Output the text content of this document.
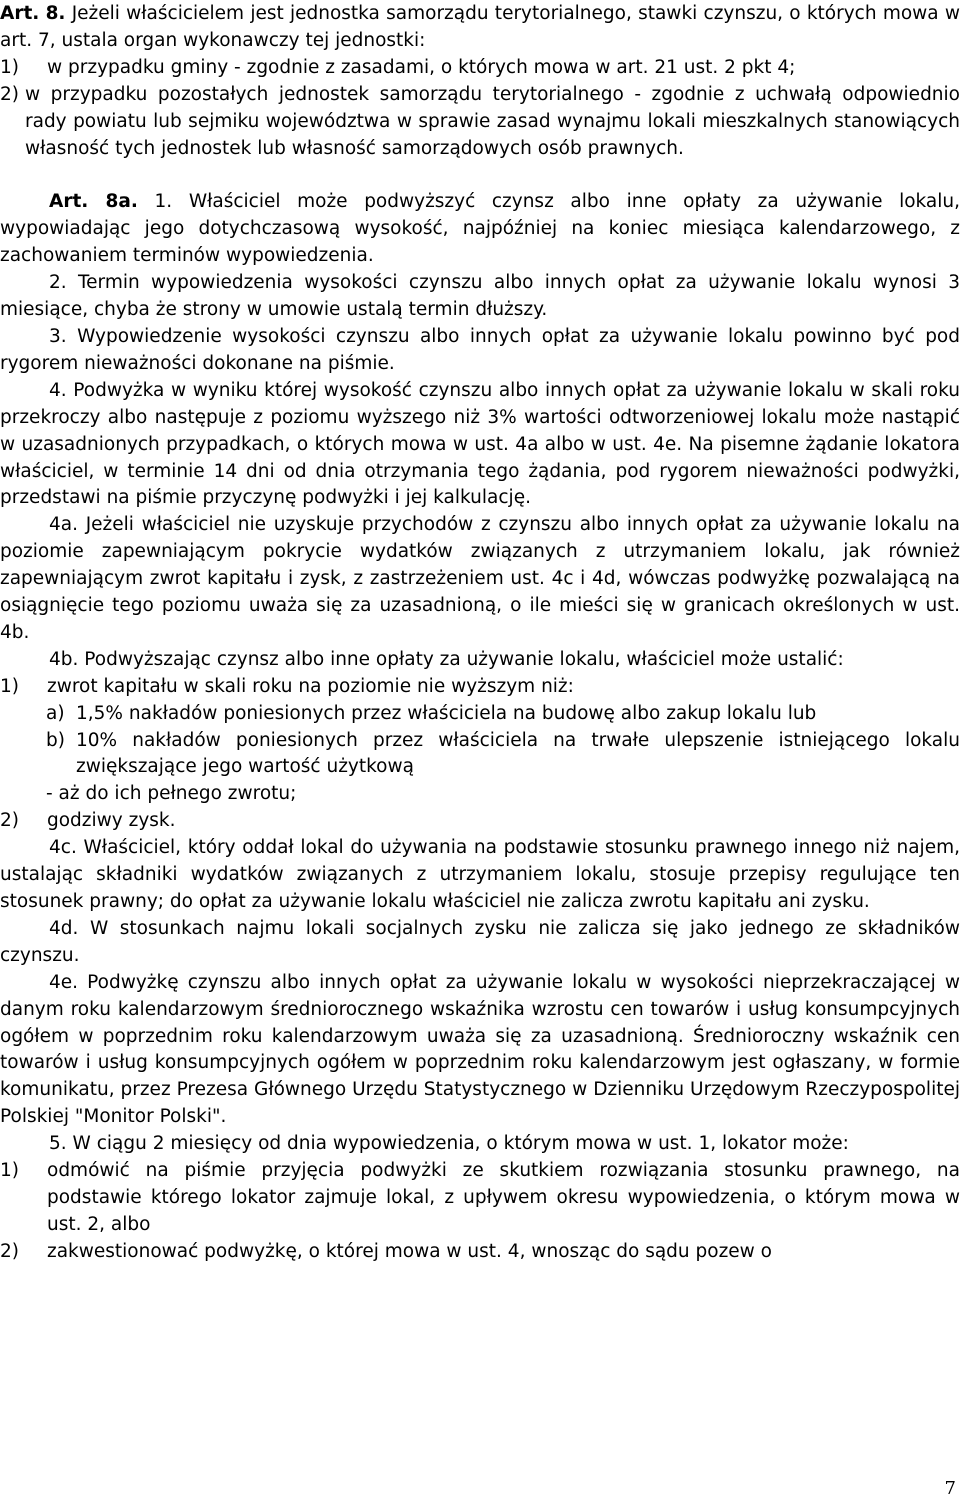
Art. 8. Jeżeli właścicielem jest jednostka samorządu terytorialnego, stawki czynszu, o których mowa w art. 7, ustala organ wykonawczy tej jednostki:

1)	w przypadku gminy - zgodnie z zasadami, o których mowa w art. 21 ust. 2 pkt 4;
2) w przypadku pozostałych jednostek samorządu terytorialnego - zgodnie z uchwałą odpowiednio rady powiatu lub sejmiku województwa w sprawie zasad wynajmu lokali mieszkalnych stanowiących własność tych jednostek lub własność samorządowych osób prawnych.

Art. 8a. 1. Właściciel może podwyższyć czynsz albo inne opłaty za używanie lokalu, wypowiadając jego dotychczasową wysokość, najpóźniej na koniec miesiąca kalendarzowego, z zachowaniem terminów wypowiedzenia.

2. Termin wypowiedzenia wysokości czynszu albo innych opłat za używanie lokalu wynosi 3 miesiące, chyba że strony w umowie ustalą termin dłuższy.

3. Wypowiedzenie wysokości czynszu albo innych opłat za używanie lokalu powinno być pod rygorem nieważności dokonane na piśmie.

4. Podwyżka w wyniku której wysokość czynszu albo innych opłat za używanie lokalu w skali roku przekroczy albo następuje z poziomu wyższego niż 3% wartości odtworzeniowej lokalu może nastąpić w uzasadnionych przypadkach, o których mowa w ust. 4a albo w ust. 4e. Na pisemne żądanie lokatora właściciel, w terminie 14 dni od dnia otrzymania tego żądania, pod rygorem nieważności podwyżki, przedstawi na piśmie przyczynę podwyżki i jej kalkulację.

4a. Jeżeli właściciel nie uzyskuje przychodów z czynszu albo innych opłat za używanie lokalu na poziomie zapewniającym pokrycie wydatków związanych z utrzymaniem lokalu, jak również zapewniającym zwrot kapitału i zysk, z zastrzeżeniem ust. 4c i 4d, wówczas podwyżkę pozwalającą na osiągnięcie tego poziomu uważa się za uzasadnioną, o ile mieści się w granicach określonych w ust. 4b.

4b. Podwyższając czynsz albo inne opłaty za używanie lokalu, właściciel może ustalić:

1)	zwrot kapitału w skali roku na poziomie nie wyższym niż:
a) 1,5% nakładów poniesionych przez właściciela na budowę albo zakup lokalu lub
b) 10% nakładów poniesionych przez właściciela na trwałe ulepszenie istniejącego lokalu zwiększające jego wartość użytkową

- aż do ich pełnego zwrotu;

2)	godziwy zysk.

4c. Właściciel, który oddał lokal do używania na podstawie stosunku prawnego innego niż najem, ustalając składniki wydatków związanych z utrzymaniem lokalu, stosuje przepisy regulujące ten stosunek prawny; do opłat za używanie lokalu właściciel nie zalicza zwrotu kapitału ani zysku.

4d. W stosunkach najmu lokali socjalnych zysku nie zalicza się jako jednego ze składników czynszu.

4e. Podwyżkę czynszu albo innych opłat za używanie lokalu w wysokości nieprzekraczającej w danym roku kalendarzowym średniorocznego wskaźnika wzrostu cen towarów i usług konsumpcyjnych ogółem w poprzednim roku kalendarzowym uważa się za uzasadnioną. Średnioroczny wskaźnik cen towarów i usług konsumpcyjnych ogółem w poprzednim roku kalendarzowym jest ogłaszany, w formie komunikatu, przez Prezesa Głównego Urzędu Statystycznego w Dzienniku Urzędowym Rzeczypospolitej Polskiej "Monitor Polski".

5. W ciągu 2 miesięcy od dnia wypowiedzenia, o którym mowa w ust. 1, lokator może:

1)	odmówić na piśmie przyjęcia podwyżki ze skutkiem rozwiązania stosunku prawnego, na podstawie którego lokator zajmuje lokal, z upływem okresu wypowiedzenia, o którym mowa w ust. 2, albo
2)	zakwestionować podwyżkę, o której mowa w ust. 4, wnosząc do sądu pozew o
7
